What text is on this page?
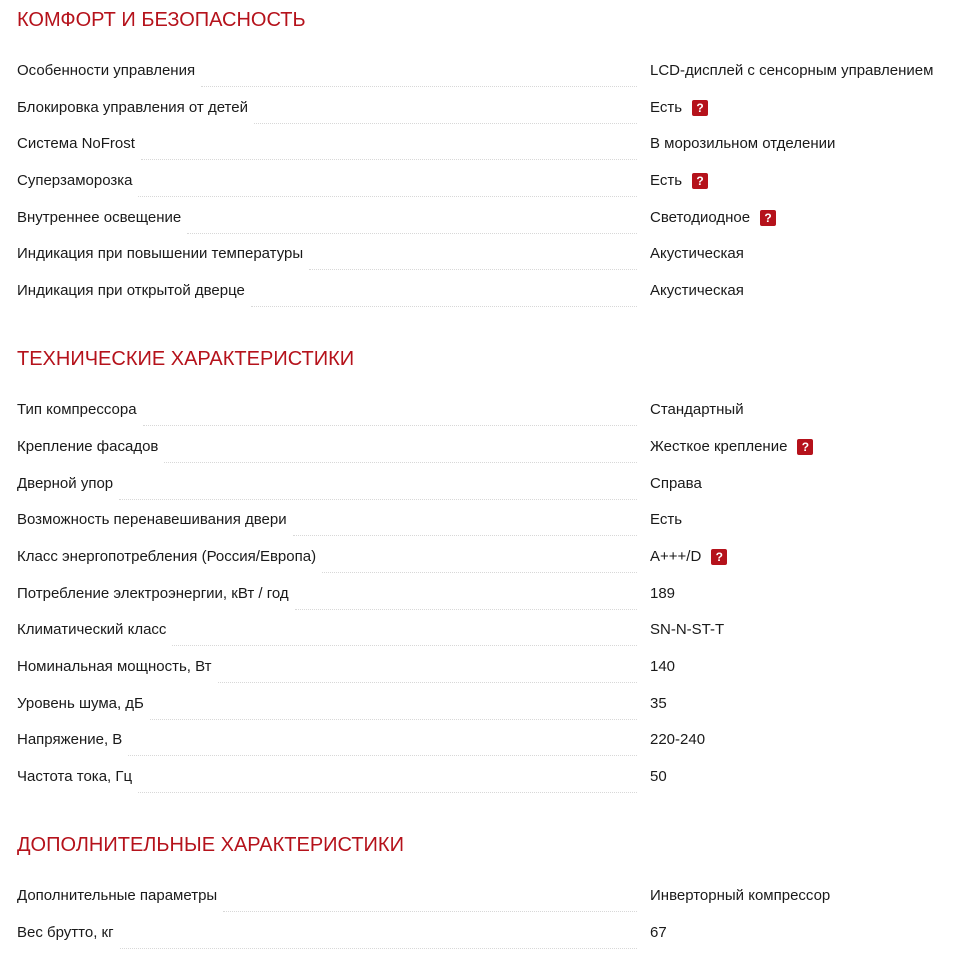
КОМФОРТ И БЕЗОПАСНОСТЬ
Особенности управления	LCD-дисплей с сенсорным управлением
Блокировка управления от детей	Есть	?
Система NoFrost	В морозильном отделении
Суперзаморозка	Есть	?
Внутреннее освещение	Светодиодное	?
Индикация при повышении температуры	Акустическая
Индикация при открытой дверце	Акустическая
ТЕХНИЧЕСКИЕ ХАРАКТЕРИСТИКИ
Тип компрессора	Стандартный
Крепление фасадов	Жесткое крепление	?
Дверной упор	Справа
Возможность перенавешивания двери	Есть
Класс энергопотребления (Россия/Европа)	A+++/D	?
Потребление электроэнергии, кВт / год	189
Климатический класс	SN-N-ST-T
Номинальная мощность, Вт	140
Уровень шума, дБ	35
Напряжение, В	220-240
Частота тока, Гц	50
ДОПОЛНИТЕЛЬНЫЕ ХАРАКТЕРИСТИКИ
Дополнительные параметры	Инверторный компрессор
Вес брутто, кг	67
